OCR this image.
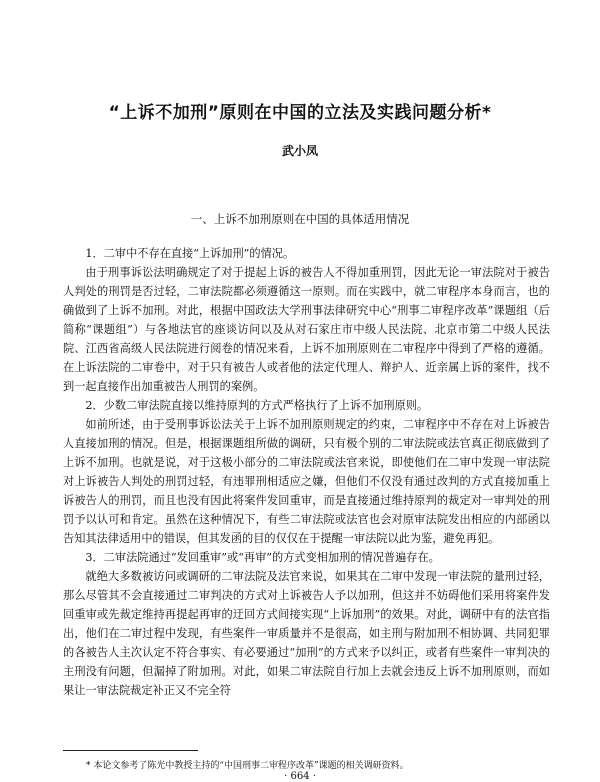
“上诉不加刑”原则在中国的立法及实践问题分析*
武小凤
一、上诉不加刑原则在中国的具体适用情况

1．二审中不存在直接“上诉加刑”的情况。

由于刑事诉讼法明确规定了对于提起上诉的被告人不得加重刑罚，因此无论一审法院对于被告人判处的刑罚是否过轻，二审法院都必须遵循这一原则。而在实践中，就二审程序本身而言，也的确做到了上诉不加刑。对此，根据中国政法大学刑事法律研究中心“刑事二审程序改革”课题组（后简称“课题组”）与各地法官的座谈访问以及从对石家庄市中级人民法院、北京市第二中级人民法院、江西省高级人民法院进行阅卷的情况来看，上诉不加刑原则在二审程序中得到了严格的遵循。在上诉法院的二审卷中，对于只有被告人或者他的法定代理人、辩护人、近亲属上诉的案件，找不到一起直接作出加重被告人刑罚的案例。

2．少数二审法院直接以维持原判的方式严格执行了上诉不加刑原则。

如前所述，由于受刑事诉讼法关于上诉不加刑原则规定的约束，二审程序中不存在对上诉被告人直接加刑的情况。但是，根据课题组所做的调研，只有极个别的二审法院或法官真正彻底做到了上诉不加刑。也就是说，对于这极小部分的二审法院或法官来说，即使他们在二审中发现一审法院对上诉被告人判处的刑罚过轻，有违罪刑相适应之嫌，但他们不仅没有通过改判的方式直接加重上诉被告人的刑罚，而且也没有因此将案件发回重审，而是直接通过维持原判的裁定对一审判处的刑罚予以认可和肯定。虽然在这种情况下，有些二审法院或法官也会对原审法院发出相应的内部函以告知其法律适用中的错误，但其发函的目的仅仅在于提醒一审法院以此为鉴，避免再犯。

3．二审法院通过“发回重审”或“再审”的方式变相加刑的情况普遍存在。

就绝大多数被访问或调研的二审法院及法官来说，如果其在二审中发现一审法院的量刑过轻，那么尽管其不会直接通过二审判决的方式对上诉被告人予以加刑，但这并不妨碍他们采用将案件发回重审或先裁定维持再提起再审的迂回方式间接实现“上诉加刑”的效果。对此，调研中有的法官指出，他们在二审过程中发现，有些案件一审质量并不是很高，如主刑与附加刑不相协调、共同犯罪的各被告人主次认定不符合事实、有必要通过“加刑”的方式来予以纠正，或者有些案件一审判决的主刑没有问题，但漏掉了附加刑。对此，如果二审法院自行加上去就会违反上诉不加刑原则，而如果让一审法院裁定补正又不完全符

* 本论文参考了陈光中教授主持的“中国刑事二审程序改革”课题的相关调研资料。
· 664 ·
